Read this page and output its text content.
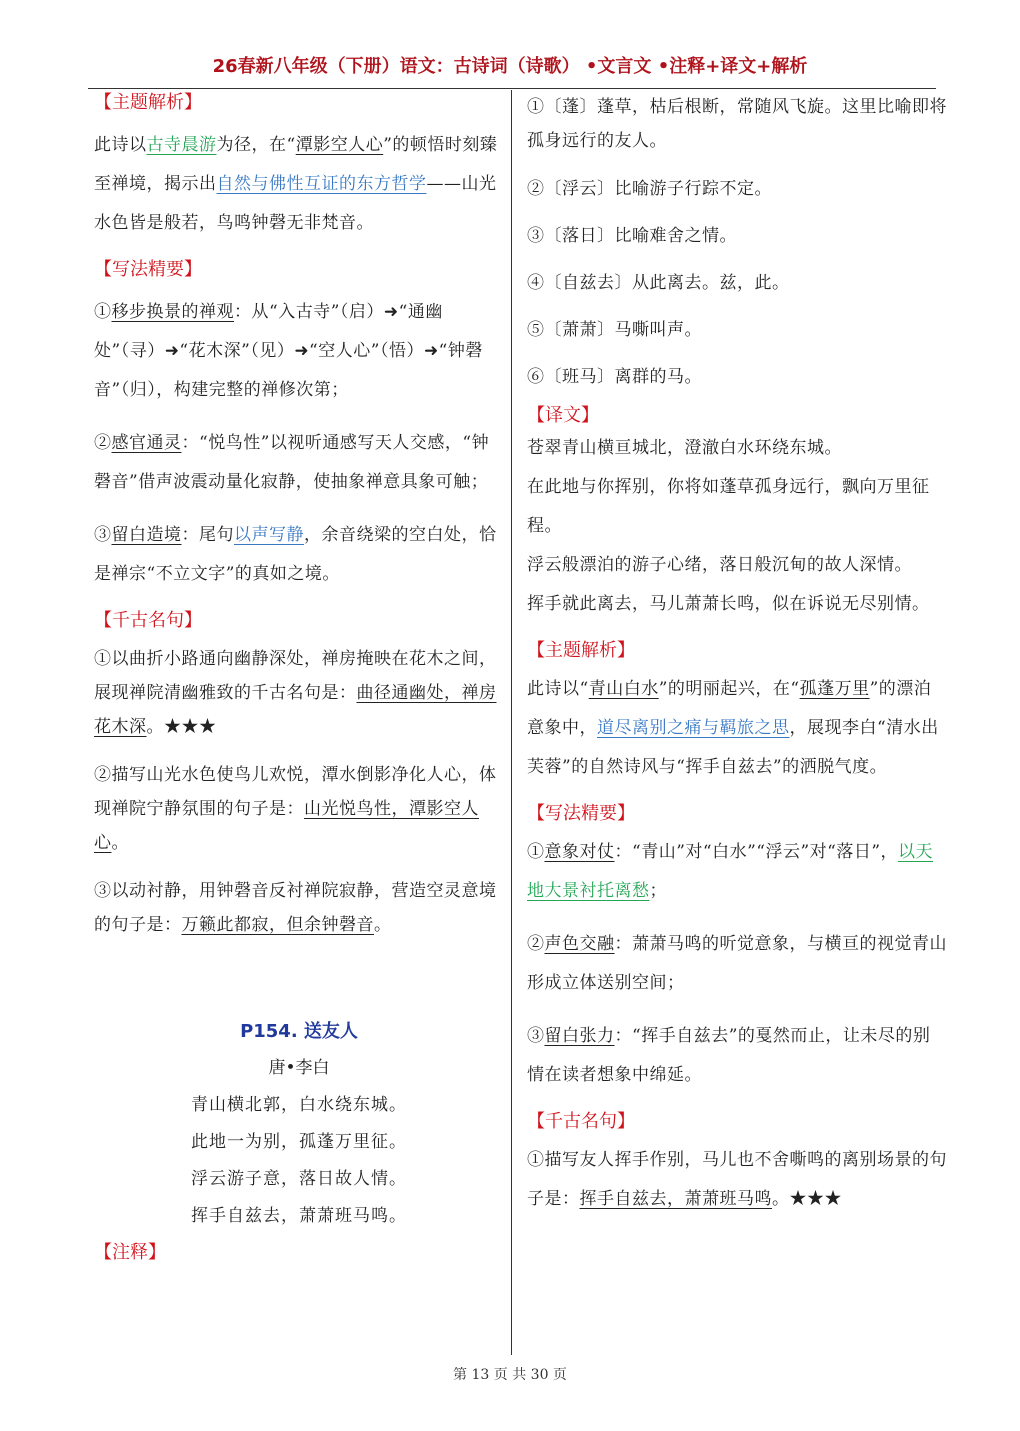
26春新八年级（下册）语文：古诗词（诗歌） •文言文 •注释+译文+解析

【主题解析】

此诗以古寺晨游为径，在“潭影空人心”的顿悟时刻臻至禅境，揭示出自然与佛性互证的东方哲学——山光水色皆是般若，鸟鸣钟磬无非梵音。

【写法精要】

①移步换景的禅观：从“入古寺”（启）➜“通幽处”（寻）➜“花木深”（见）➜“空人心”（悟）➜“钟磬音”（归），构建完整的禅修次第；

②感官通灵：“悦鸟性”以视听通感写天人交感，“钟磬音”借声波震动量化寂静，使抽象禅意具象可触；

③留白造境：尾句以声写静，余音绕梁的空白处，恰是禅宗“不立文字”的真如之境。

【千古名句】

①以曲折小路通向幽静深处，禅房掩映在花木之间，展现禅院清幽雅致的千古名句是：曲径通幽处，禅房花木深。★★★

②描写山光水色使鸟儿欢悦，潭水倒影净化人心，体现禅院宁静氛围的句子是：山光悦鸟性，潭影空人心。

③以动衬静，用钟磬音反衬禅院寂静，营造空灵意境的句子是：万籁此都寂，但余钟磬音。

P154. 送友人
唐•李白
青山横北郭，白水绕东城。
此地一为别，孤蓬万里征。
浮云游子意，落日故人情。
挥手自兹去，萧萧班马鸣。

【注释】

①〔蓬〕蓬草，枯后根断，常随风飞旋。这里比喻即将孤身远行的友人。

②〔浮云〕比喻游子行踪不定。

③〔落日〕比喻难舍之情。

④〔自兹去〕从此离去。兹，此。

⑤〔萧萧〕马嘶叫声。

⑥〔班马〕离群的马。

【译文】

苍翠青山横亘城北，澄澈白水环绕东城。

在此地与你挥别，你将如蓬草孤身远行，飘向万里征程。

浮云般漂泊的游子心绪，落日般沉甸的故人深情。

挥手就此离去，马儿萧萧长鸣，似在诉说无尽别情。

【主题解析】

此诗以“青山白水”的明丽起兴，在“孤蓬万里”的漂泊意象中，道尽离别之痛与羁旅之思，展现李白“清水出芙蓉”的自然诗风与“挥手自兹去”的洒脱气度。

【写法精要】

①意象对仗：“青山”对“白水”“浮云”对“落日”，以天地大景衬托离愁；

②声色交融：萧萧马鸣的听觉意象，与横亘的视觉青山形成立体送别空间；

③留白张力：“挥手自兹去”的戛然而止，让未尽的别情在读者想象中绵延。

【千古名句】

①描写友人挥手作别，马儿也不舍嘶鸣的离别场景的句子是：挥手自兹去，萧萧班马鸣。★★★

第 13 页 共 30 页
